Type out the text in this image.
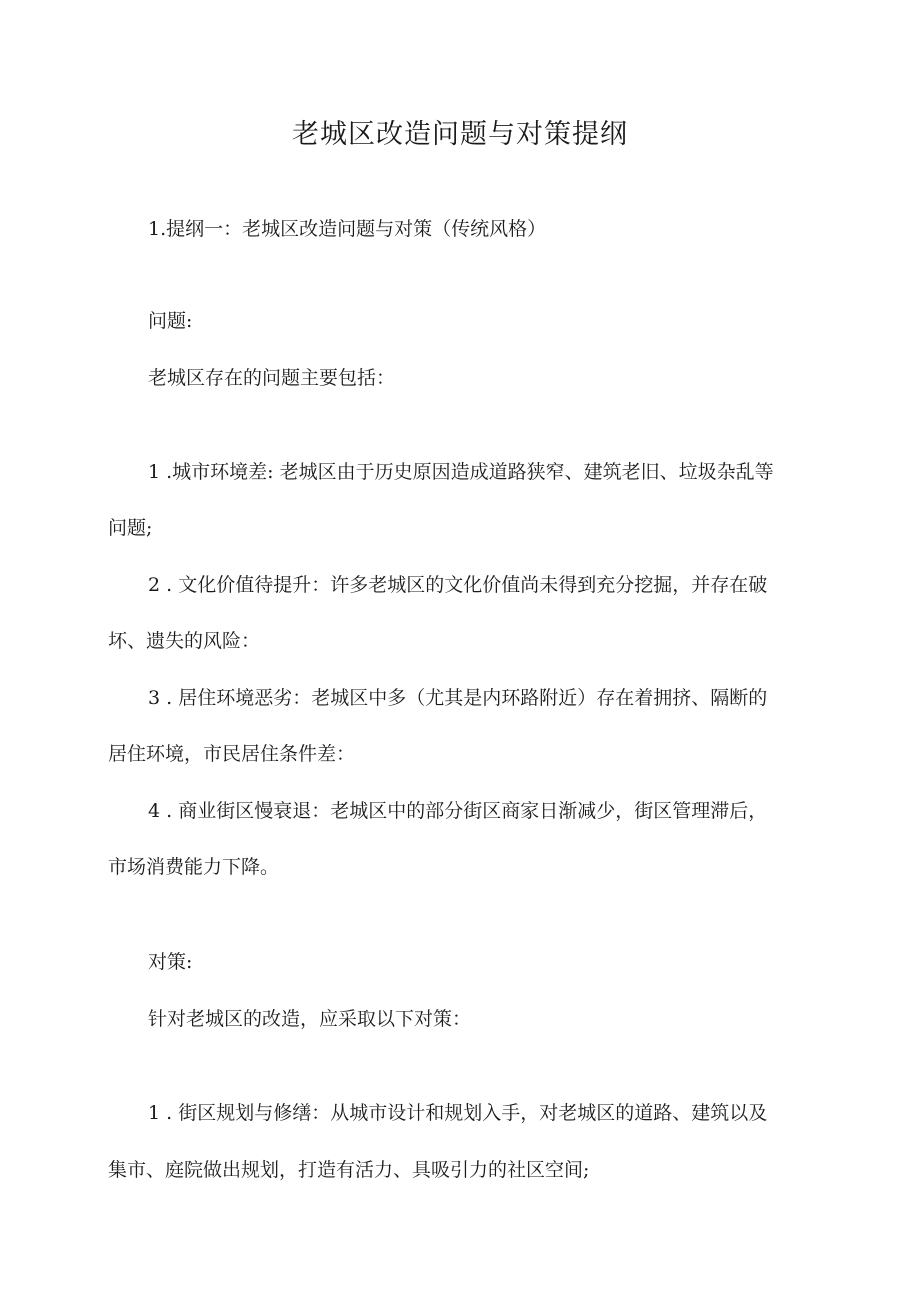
老城区改造问题与对策提纲
1.提纲一：老城区改造问题与对策（传统风格）
问题:
老城区存在的问题主要包括：
1 .城市环境差: 老城区由于历史原因造成道路狭窄、建筑老旧、垃圾杂乱等
问题;
2 . 文化价值待提升：许多老城区的文化价值尚未得到充分挖掘，并存在破
坏、遗失的风险：
3 . 居住环境恶劣：老城区中多（尤其是内环路附近）存在着拥挤、隔断的
居住环境，市民居住条件差：
4 . 商业街区慢衰退：老城区中的部分街区商家日渐减少，街区管理滞后，
市场消费能力下降。
对策:
针对老城区的改造，应采取以下对策：
1 . 街区规划与修缮：从城市设计和规划入手，对老城区的道路、建筑以及
集市、庭院做出规划，打造有活力、具吸引力的社区空间;
